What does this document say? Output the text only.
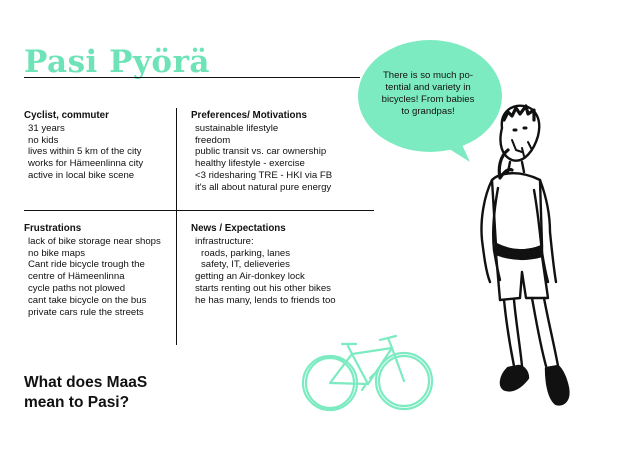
Pasi Pyörä
Cyclist, commuter
31 years
no kids
lives within 5 km of the city
works for Hämeenlinna city
active in local bike scene
Preferences/ Motivations
sustainable lifestyle
freedom
public transit vs. car ownership
healthy lifestyle - exercise
<3 ridesharing TRE - HKI via FB
it's all about natural pure energy
Frustrations
lack of bike storage near shops
no bike maps
Cant ride bicycle trough the
centre of Hämeenlinna
cycle paths not plowed
cant take bicycle on the bus
private cars rule the streets
News / Expectations
infrastructure:
roads, parking, lanes
safety, IT, delieveries
getting an Air-donkey lock
starts renting out his other bikes
he has many, lends to friends too
What does MaaS
mean to Pasi?
There is so much po-
tential and variety in
bicycles! From babies
to grandpas!
